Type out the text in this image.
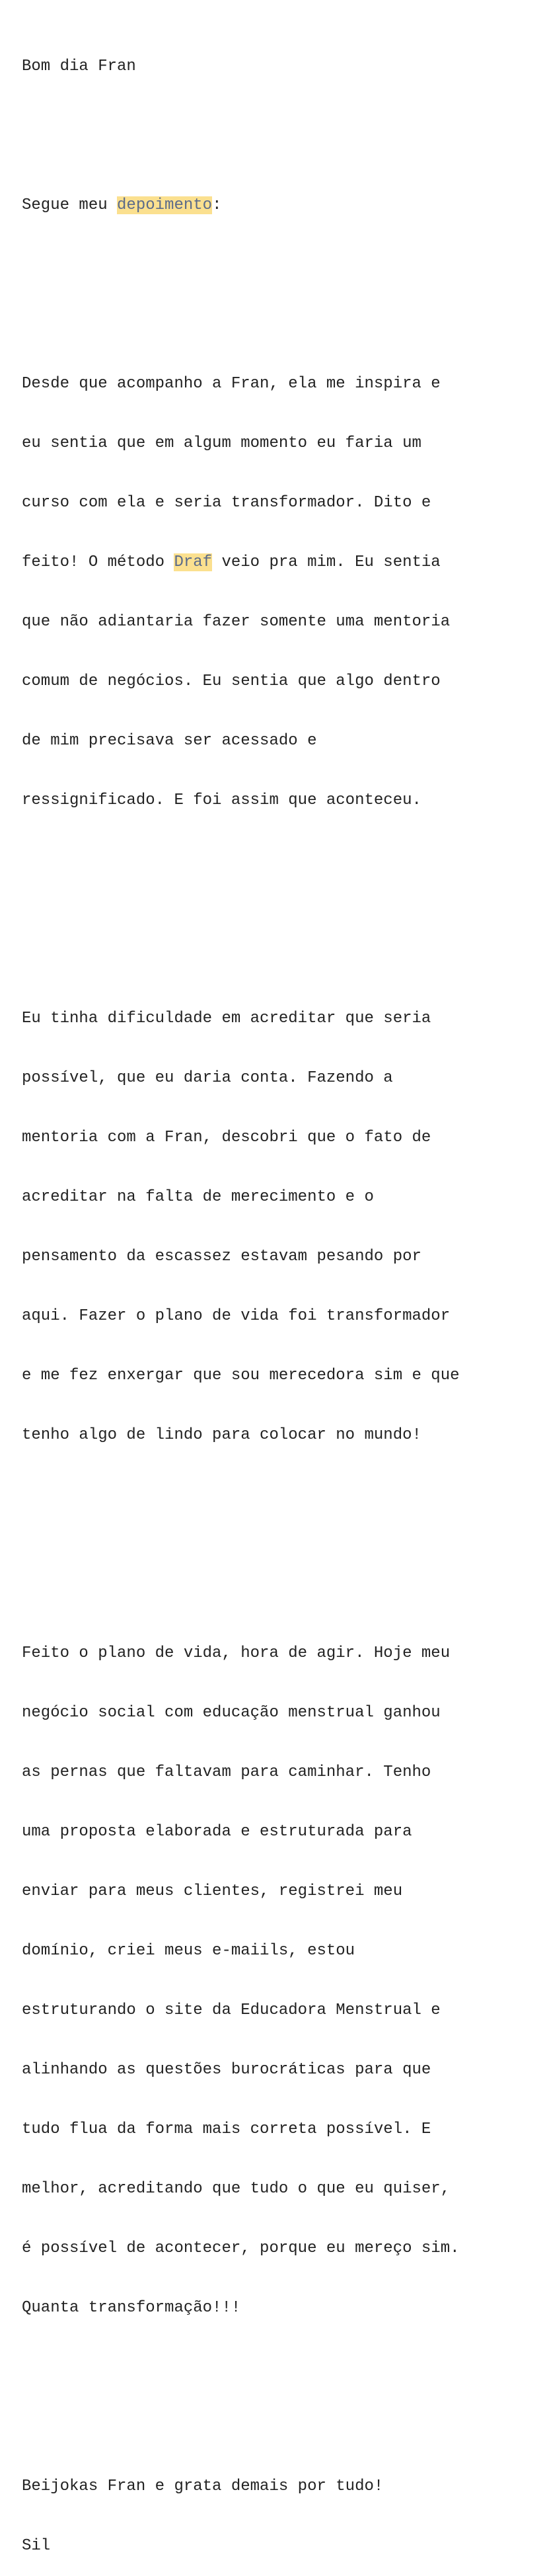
Bom dia Fran

Segue meu depoimento:

Desde que acompanho a Fran, ela me inspira e

eu sentia que em algum momento eu faria um

curso com ela e seria transformador. Dito e

feito! O método Draf veio pra mim. Eu sentia

que não adiantaria fazer somente uma mentoria

comum de negócios. Eu sentia que algo dentro

de mim precisava ser acessado e

ressignificado. E foi assim que aconteceu.

Eu tinha dificuldade em acreditar que seria

possível, que eu daria conta. Fazendo a

mentoria com a Fran, descobri que o fato de

acreditar na falta de merecimento e o

pensamento da escassez estavam pesando por

aqui. Fazer o plano de vida foi transformador

e me fez enxergar que sou merecedora sim e que

tenho algo de lindo para colocar no mundo!

Feito o plano de vida, hora de agir. Hoje meu

negócio social com educação menstrual ganhou

as pernas que faltavam para caminhar. Tenho

uma proposta elaborada e estruturada para

enviar para meus clientes, registrei meu

domínio, criei meus e-maiils, estou

estruturando o site da Educadora Menstrual e

alinhando as questões burocráticas para que

tudo flua da forma mais correta possível. E

melhor, acreditando que tudo o que eu quiser,

é possível de acontecer, porque eu mereço sim.

Quanta transformação!!!

Beijokas Fran e grata demais por tudo!

Sil
